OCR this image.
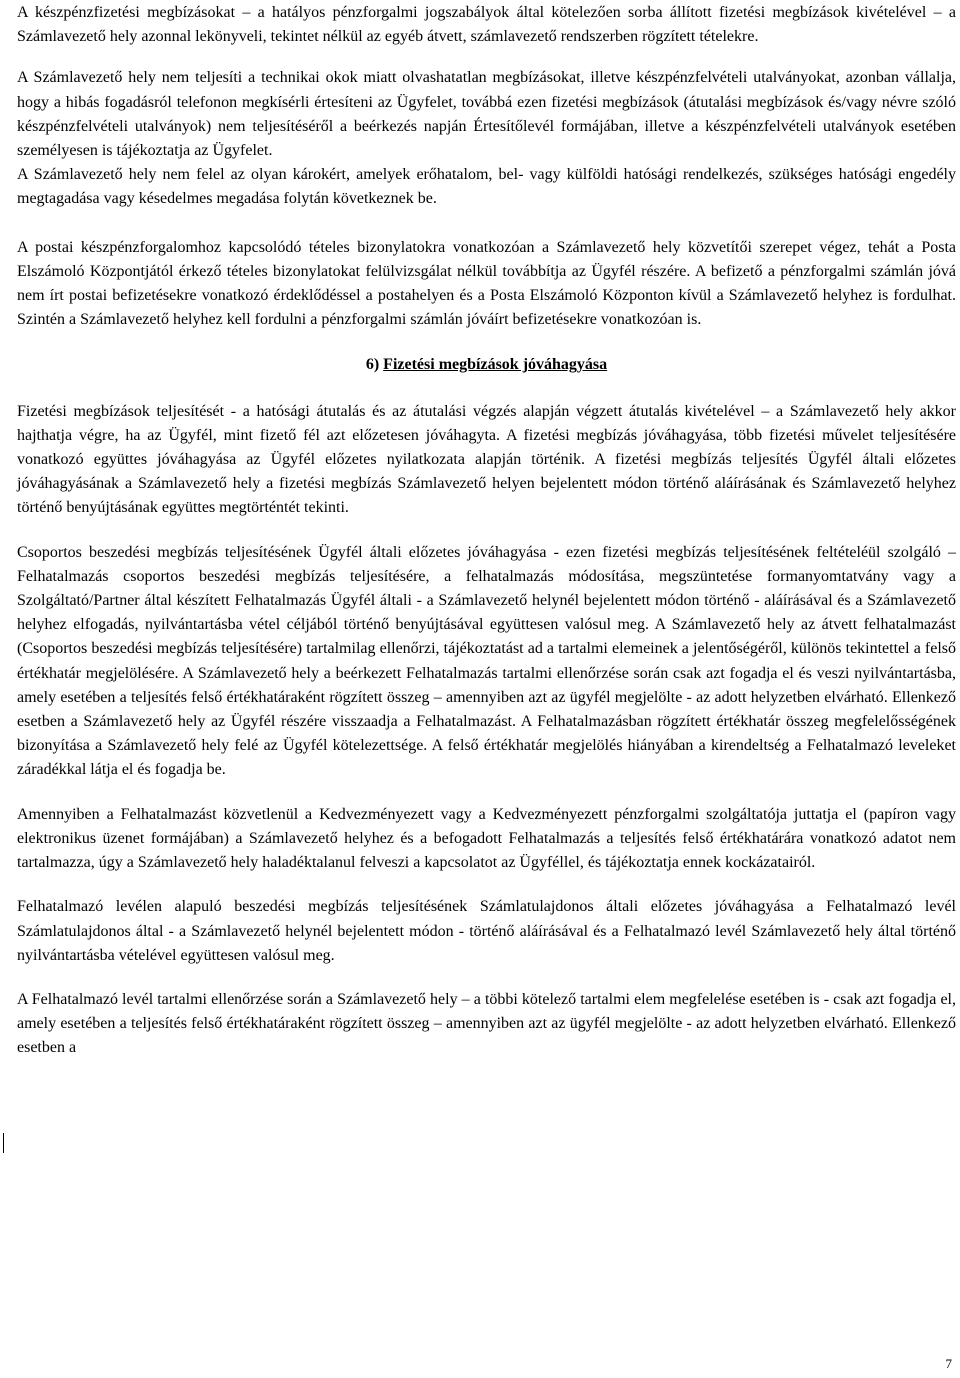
A készpénzfizetési megbízásokat – a hatályos pénzforgalmi jogszabályok által kötelezően sorba állított fizetési megbízások kivételével – a Számlavezető hely azonnal lekönyveli, tekintet nélkül az egyéb átvett, számlavezető rendszerben rögzített tételekre.

A Számlavezető hely nem teljesíti a technikai okok miatt olvashatatlan megbízásokat, illetve készpénzfelvételi utalványokat, azonban vállalja, hogy a hibás fogadásról telefonon megkísérli értesíteni az Ügyfelet, továbbá ezen fizetési megbízások (átutalási megbízások és/vagy névre szóló készpénzfelvételi utalványok) nem teljesítéséről a beérkezés napján Értesítőlevél formájában, illetve a készpénzfelvételi utalványok esetében személyesen is tájékoztatja az Ügyfelet.

A Számlavezető hely nem felel az olyan károkért, amelyek erőhatalom, bel- vagy külföldi hatósági rendelkezés, szükséges hatósági engedély megtagadása vagy késedelmes megadása folytán következnek be.

A postai készpénzforgalomhoz kapcsolódó tételes bizonylatokra vonatkozóan a Számlavezető hely közvetítői szerepet végez, tehát a Posta Elszámoló Központjától érkező tételes bizonylatokat felülvizsgálat nélkül továbbítja az Ügyfél részére. A befizető a pénzforgalmi számlán jóvá nem írt postai befizetésekre vonatkozó érdeklődéssel a postahelyen és a Posta Elszámoló Központon kívül a Számlavezető helyhez is fordulhat. Szintén a Számlavezető helyhez kell fordulni a pénzforgalmi számlán jóváírt befizetésekre vonatkozóan is.

6) Fizetési megbízások jóváhagyása

Fizetési megbízások teljesítését - a hatósági átutalás és az átutalási végzés alapján végzett átutalás kivételével – a Számlavezető hely akkor hajthatja végre, ha az Ügyfél, mint fizető fél azt előzetesen jóváhagyta. A fizetési megbízás jóváhagyása, több fizetési művelet teljesítésére vonatkozó együttes jóváhagyása az Ügyfél előzetes nyilatkozata alapján történik. A fizetési megbízás teljesítés Ügyfél általi előzetes jóváhagyásának a Számlavezető hely a fizetési megbízás Számlavezető helyen bejelentett módon történő aláírásának és Számlavezető helyhez történő benyújtásának együttes megtörténtét tekinti.

Csoportos beszedési megbízás teljesítésének Ügyfél általi előzetes jóváhagyása - ezen fizetési megbízás teljesítésének feltételéül szolgáló – Felhatalmazás csoportos beszedési megbízás teljesítésére, a felhatalmazás módosítása, megszüntetése formanyomtatvány vagy a Szolgáltató/Partner által készített Felhatalmazás Ügyfél általi - a Számlavezető helynél bejelentett módon történő - aláírásával és a Számlavezető helyhez elfogadás, nyilvántartásba vétel céljából történő benyújtásával együttesen valósul meg. A Számlavezető hely az átvett felhatalmazást (Csoportos beszedési megbízás teljesítésére) tartalmilag ellenőrzi, tájékoztatást ad a tartalmi elemeinek a jelentőségéről, különös tekintettel a felső értékhatár megjelölésére. A Számlavezető hely a beérkezett Felhatalmazás tartalmi ellenőrzése során csak azt fogadja el és veszi nyilvántartásba, amely esetében a teljesítés felső értékhatáraként rögzített összeg – amennyiben azt az ügyfél megjelölte - az adott helyzetben elvárható. Ellenkező esetben a Számlavezető hely az Ügyfél részére visszaadja a Felhatalmazást. A Felhatalmazásban rögzített értékhatár összeg megfelelősségének bizonyítása a Számlavezető hely felé az Ügyfél kötelezettsége. A felső értékhatár megjelölés hiányában a kirendeltség a Felhatalmazó leveleket záradékkal látja el és fogadja be.

Amennyiben a Felhatalmazást közvetlenül a Kedvezményezett vagy a Kedvezményezett pénzforgalmi szolgáltatója juttatja el (papíron vagy elektronikus üzenet formájában) a Számlavezető helyhez és a befogadott Felhatalmazás a teljesítés felső értékhatárára vonatkozó adatot nem tartalmazza, úgy a Számlavezető hely haladéktalanul felveszi a kapcsolatot az Ügyféllel, és tájékoztatja ennek kockázatairól.

Felhatalmazó levélen alapuló beszedési megbízás teljesítésének Számlatulajdonos általi előzetes jóváhagyása a Felhatalmazó levél Számlatulajdonos által - a Számlavezető helynél bejelentett módon - történő aláírásával és a Felhatalmazó levél Számlavezető hely által történő nyilvántartásba vételével együttesen valósul meg.

A Felhatalmazó levél tartalmi ellenőrzése során a Számlavezető hely – a többi kötelező tartalmi elem megfelelése esetében is - csak azt fogadja el, amely esetében a teljesítés felső értékhatáraként rögzített összeg – amennyiben azt az ügyfél megjelölte - az adott helyzetben elvárható. Ellenkező esetben a

7
